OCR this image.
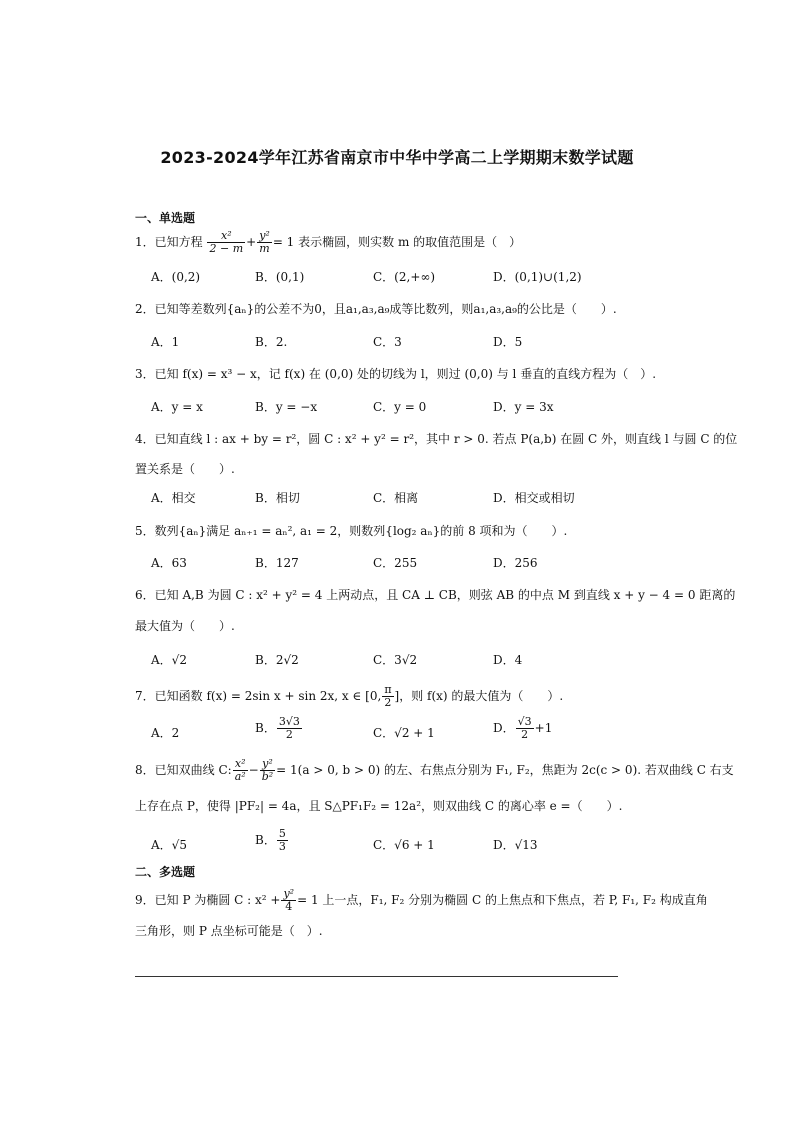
2023-2024学年江苏省南京市中华中学高二上学期期末数学试题
一、单选题
1．已知方程 $\frac{\text{x²}}{2 - m} + \frac{\text{y²}}{m} = 1$ 表示椭圆，则实数 m 的取值范围是（　）
A．(0,2)	B．(0,1)	C．(2,+∞)	D．(0,1)∪(1,2)
2．已知等差数列{aₙ}的公差不为0，且a₁,a₃,a₉成等比数列，则a₁,a₃,a₉的公比是（　　）.
A．1	B．2.	C．3	D．5
3．已知 f(x) = x³ − x，记 f(x) 在 (0,0) 处的切线为 l，则过 (0,0) 与 l 垂直的直线方程为（　）.
A．y = x	B．y = −x	C．y = 0	D．y = 3x
4．已知直线 l : ax + by = r²，圆 C : x² + y² = r²，其中 r > 0. 若点 P(a,b) 在圆 C 外，则直线 l 与圆 C 的位
置关系是（　　）.
A．相交	B．相切	C．相离	D．相交或相切
5．数列{aₙ}满足 aₙ₊₁ = aₙ², a₁ = 2，则数列{log₂ aₙ}的前 8 项和为（　　）.
A．63	B．127	C．255	D．256
6．已知 A,B 为圆 C : x² + y² = 4 上两动点，且 CA ⊥ CB，则弦 AB 的中点 M 到直线 x + y − 4 = 0 距离的
最大值为（　　）.
A．√2	B．2√2	C．3√2	D．4
7．已知函数 f(x) = 2sin x + sin 2x, x ∈ [0, $\frac{\pi}{2}$ ]，则 f(x) 的最大值为（　　）.
A．2	B． $\frac{3√3}{2}$	C．√2 + 1	D． $\frac{√3}{2} +1$
8．已知双曲线 C: $\frac{\text{x²}}{\text{a²}} - \frac{\text{y²}}{\text{b²}} = 1(a > 0$, b > 0) 的左、右焦点分别为 F₁, F₂，焦距为 2c(c > 0). 若双曲线 C 右支
上存在点 P，使得 |PF₂| = 4a，且 S△PF₁F₂ = 12a²，则双曲线 C 的离心率 e =（　　）.
A．√5	B． $\frac{5}{3}$	C．√6 + 1	D．√13
二、多选题
9．已知 P 为椭圆 C : $x^2 + \frac{\text{y²}}{4} = 1$ 上一点，F₁, F₂ 分别为椭圆 C 的上焦点和下焦点，若 P, F₁, F₂ 构成直角
三角形，则 P 点坐标可能是（　）.
